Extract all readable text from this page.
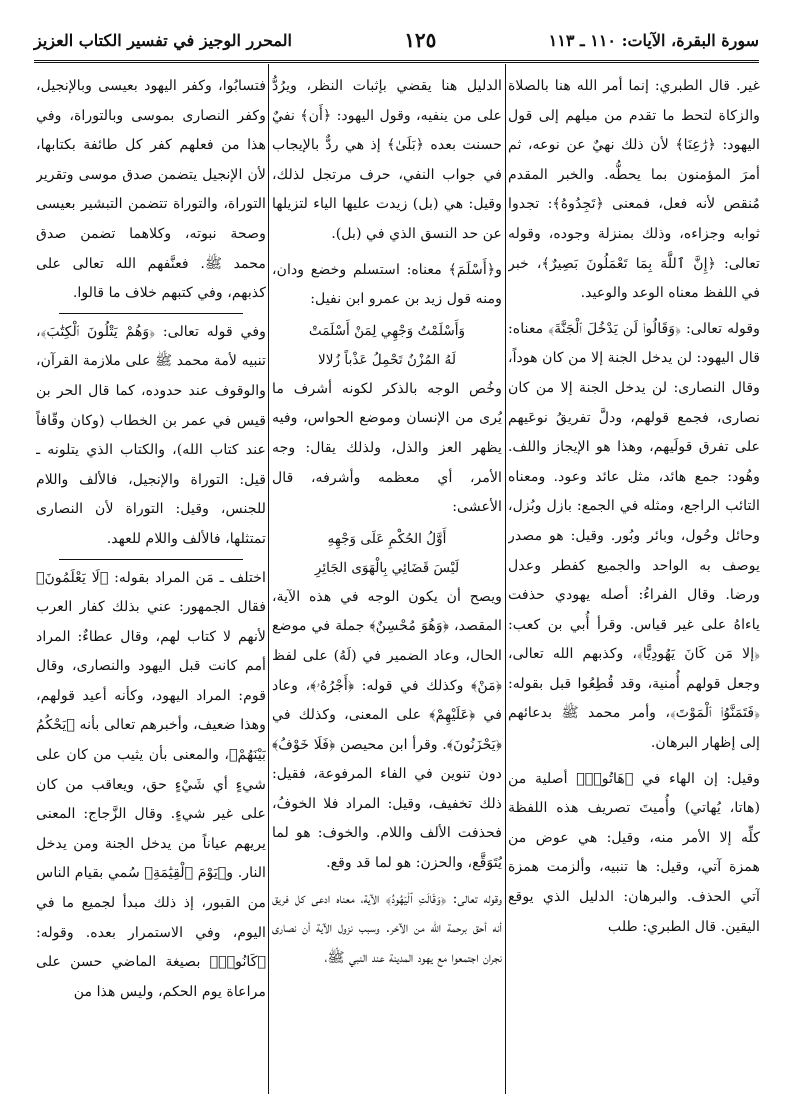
سورة البقرة، الآيات: ١١٠ ـ ١١٣
١٢٥
المحرر الوجيز في تفسير الكتاب العزيز

غير. قال الطبري: إنما أمر الله هنا بالصلاة والزكاة لتحط ما تقدم من ميلهم إلى قول اليهود: ﴿رَٰعِنَا﴾ لأن ذلك نهيٌ عن نوعه، ثم أمرَ المؤمنون بما يحطُّه. والخبر المقدم مُنقص لأنه فعل، فمعنى ﴿تَجِدُوهُ﴾: تجدوا ثوابه وجزاءه، وذلك بمنزلة وجوده، وقوله تعالى: ﴿إِنَّ ٱللَّهَ بِمَا تَعْمَلُونَ بَصِيرٌ﴾، خبر في اللفظ معناه الوعد والوعيد.

وقوله تعالى: ﴿وَقَالُوا۟ لَن يَدْخُلَ ٱلْجَنَّةَ﴾ معناه: قال اليهود: لن يدخل الجنة إلا من كان هوداً، وقال النصارى: لن يدخل الجنة إلا من كان نصارى، فجمع قولهم، ودلَّ تفريقُ نوعَيهم على تفرق قولَيهم، وهذا هو الإيجاز واللف. وهُود: جمع هائد، مثل عائد وعود. ومعناه التائب الراجع، ومثله في الجمع: بازل وبُزل، وحائل وحُول، وبائر وبُور. وقيل: هو مصدر يوصف به الواحد والجميع كفطر وعدل ورضا. وقال الفراءُ: أصله يهودي حذفت ياءاهُ على غير قياس. وقرأ أُبي بن كعب: ﴿إلا مَن كَانَ يَهُودِيًّا﴾، وكذبهم الله تعالى، وجعل قولهم أُمنية، وقد قُطِعُوا قبل بقوله: ﴿فَتَمَنَّوُا۟ ٱلْمَوْتَ﴾، وأمر محمد ﷺ بدعائهم إلى إظهار البرهان.

وقيل: إن الهاء في ﴿هَاتُوا۟﴾ أصلية من (هاتا، يُهاتي) وأُميتَ تصريف هذه اللفظة كلِّه إلا الأمر منه، وقيل: هي عوض من همزة آتي، وقيل: ها تنبيه، وألزمت همزة آتي الحذف. والبرهان: الدليل الذي يوقع اليقين. قال الطبري: طلب

الدليل هنا يقضي بإثبات النظر، ويرُدُّ على من ينفيه، وقول اليهود: ﴿أَن﴾ نفيٌ حسنت بعده ﴿بَلَىٰ﴾ إذ هي ردٌّ بالإيجاب في جواب النفي، حرف مرتجل لذلك، وقيل: هي (بل) زيدت عليها الياء لتزيلها عن حد النسق الذي في (بل).

و﴿أَسْلَمَ﴾ معناه: استسلم وخضع ودان، ومنه قول زيد بن عمرو ابن نفيل:

وَأَسْلَمْتُ وَجْهِي لِمَنْ أَسْلَمَتْ
لَهُ المُزْنُ تَحْمِلُ عَذْباً زُلالا

وخُص الوجه بالذكر لكونه أشرف ما يُرى من الإنسان وموضع الحواس، وفيه يظهر العز والذل، ولذلك يقال: وجه الأمر، أي معظمه وأشرفه، قال الأعشى:

أَوَّلُ الحُكْمِ عَلَى وَجْهِهِ
لَيْسَ قَضَائِي بِالْهَوَى الجَائِرِ

ويصح أن يكون الوجه في هذه الآية، المقصد، ﴿وَهُوَ مُحْسِنٌ﴾ جملة في موضع الحال، وعاد الضمير في (لَهُ) على لفظ ﴿مَنْ﴾ وكذلك في قوله: ﴿أَجْرُهُۥ﴾، وعاد في ﴿عَلَيْهِمْ﴾ على المعنى، وكذلك في ﴿يَحْزَنُونَ﴾. وقرأ ابن محيصن ﴿فَلَا خَوْفُ﴾ دون تنوين في الفاء المرفوعة، فقيل: ذلك تخفيف، وقيل: المراد فلا الخوفُ، فحذفت الألف واللام. والخوف: هو لما يُتَوَقَّع، والحزن: هو لما قد وقع.

وقوله تعالى: ﴿وَقَالَتِ ٱلْيَهُودُ﴾ الآية، معناه ادعى كل فريق أنه أحق برحمة الله من الآخر. وسبب نزول الآية أن نصارى نجران اجتمعوا مع يهود المدينة عند النبي ﷺ،

فتسابُوا، وكفر اليهود بعيسى وبالإنجيل، وكفر النصارى بموسى وبالتوراة، وفي هذا من فعلهم كفر كل طائفة بكتابها، لأن الإنجيل يتضمن صدق موسى وتقرير التوراة، والتوراة تتضمن التبشير بعيسى وصحة نبوته، وكلاهما تضمن صدق محمد ﷺ. فعنَّفهم الله تعالى على كذبهم، وفي كتبهم خلاف ما قالوا.

وفي قوله تعالى: ﴿وَهُمْ يَتْلُونَ ٱلْكِتَٰبَ﴾، تنبيه لأمة محمد ﷺ على ملازمة القرآن، والوقوف عند حدوده، كما قال الحر بن قيس في عمر بن الخطاب (وكان وقّافاً عند كتاب الله)، والكتاب الذي يتلونه ـ قيل: التوراة والإنجيل، فالألف واللام للجنس، وقيل: التوراة لأن النصارى تمتثلها، فالألف واللام للعهد.

اختلف ـ مَن المراد بقوله: ﴿لَا يَعْلَمُونَ﴾ فقال الجمهور: عني بذلك كفار العرب لأنهم لا كتاب لهم، وقال عطاءٌ: المراد أمم كانت قبل اليهود والنصارى، وقال قوم: المراد اليهود، وكأنه أعيد قولهم، وهذا ضعيف، وأخبرهم تعالى بأنه ﴿يَحْكُمُ بَيْنَهُمْ﴾، والمعنى بأن يثيب من كان على شيءٍ أي شَيْءٍ حق، ويعاقب من كان على غير شيءٍ. وقال الزَّجاج: المعنى يريهم عياناً من يدخل الجنة ومن يدخل النار. و﴿يَوْمَ ٱلْقِيَٰمَةِ﴾ سُمي بقيام الناس من القبور، إذ ذلك مبدأ لجميع ما في اليوم، وفي الاستمرار بعده. وقوله: ﴿كَانُوا۟﴾ بصيغة الماضي حسن على مراعاة يوم الحكم، وليس هذا من
